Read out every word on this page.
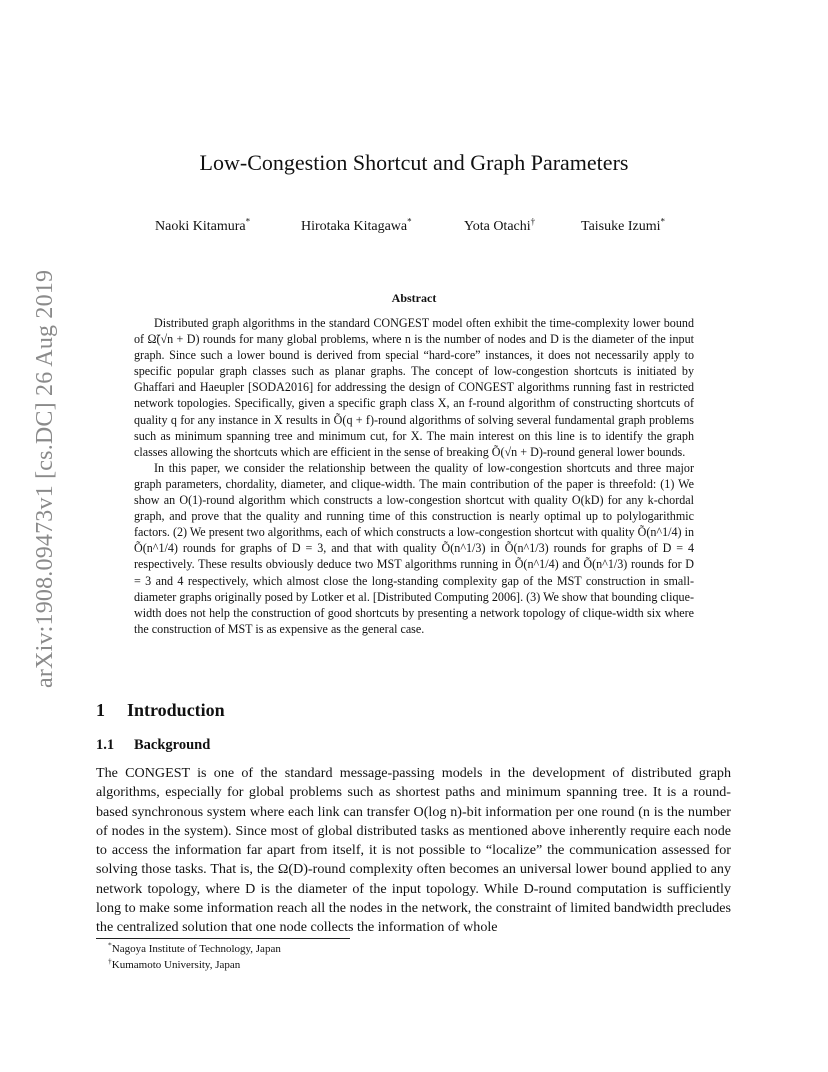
arXiv:1908.09473v1 [cs.DC] 26 Aug 2019
Low-Congestion Shortcut and Graph Parameters
Naoki Kitamura*	Hirotaka Kitagawa*	Yota Otachi†	Taisuke Izumi*
Abstract

Distributed graph algorithms in the standard CONGEST model often exhibit the time-complexity lower bound of Ω̃(√n + D) rounds for many global problems, where n is the number of nodes and D is the diameter of the input graph. Since such a lower bound is derived from special “hard-core” instances, it does not necessarily apply to specific popular graph classes such as planar graphs. The concept of low-congestion shortcuts is initiated by Ghaffari and Haeupler [SODA2016] for addressing the design of CONGEST algorithms running fast in restricted network topologies. Specifically, given a specific graph class X, an f-round algorithm of constructing shortcuts of quality q for any instance in X results in Õ(q + f)-round algorithms of solving several fundamental graph problems such as minimum spanning tree and minimum cut, for X. The main interest on this line is to identify the graph classes allowing the shortcuts which are efficient in the sense of breaking Õ(√n + D)-round general lower bounds.

In this paper, we consider the relationship between the quality of low-congestion shortcuts and three major graph parameters, chordality, diameter, and clique-width. The main contribution of the paper is threefold: (1) We show an O(1)-round algorithm which constructs a low-congestion shortcut with quality O(kD) for any k-chordal graph, and prove that the quality and running time of this construction is nearly optimal up to polylogarithmic factors. (2) We present two algorithms, each of which constructs a low-congestion shortcut with quality Õ(n^1/4) in Õ(n^1/4) rounds for graphs of D = 3, and that with quality Õ(n^1/3) in Õ(n^1/3) rounds for graphs of D = 4 respectively. These results obviously deduce two MST algorithms running in Õ(n^1/4) and Õ(n^1/3) rounds for D = 3 and 4 respectively, which almost close the long-standing complexity gap of the MST construction in small-diameter graphs originally posed by Lotker et al. [Distributed Computing 2006]. (3) We show that bounding clique-width does not help the construction of good shortcuts by presenting a network topology of clique-width six where the construction of MST is as expensive as the general case.

1 Introduction
1.1 Background

The CONGEST is one of the standard message-passing models in the development of distributed graph algorithms, especially for global problems such as shortest paths and minimum spanning tree. It is a round-based synchronous system where each link can transfer O(log n)-bit information per one round (n is the number of nodes in the system). Since most of global distributed tasks as mentioned above inherently require each node to access the information far apart from itself, it is not possible to “localize” the communication assessed for solving those tasks. That is, the Ω(D)-round complexity often becomes an universal lower bound applied to any network topology, where D is the diameter of the input topology. While D-round computation is sufficiently long to make some information reach all the nodes in the network, the constraint of limited bandwidth precludes the centralized solution that one node collects the information of whole

*Nagoya Institute of Technology, Japan
†Kumamoto University, Japan
